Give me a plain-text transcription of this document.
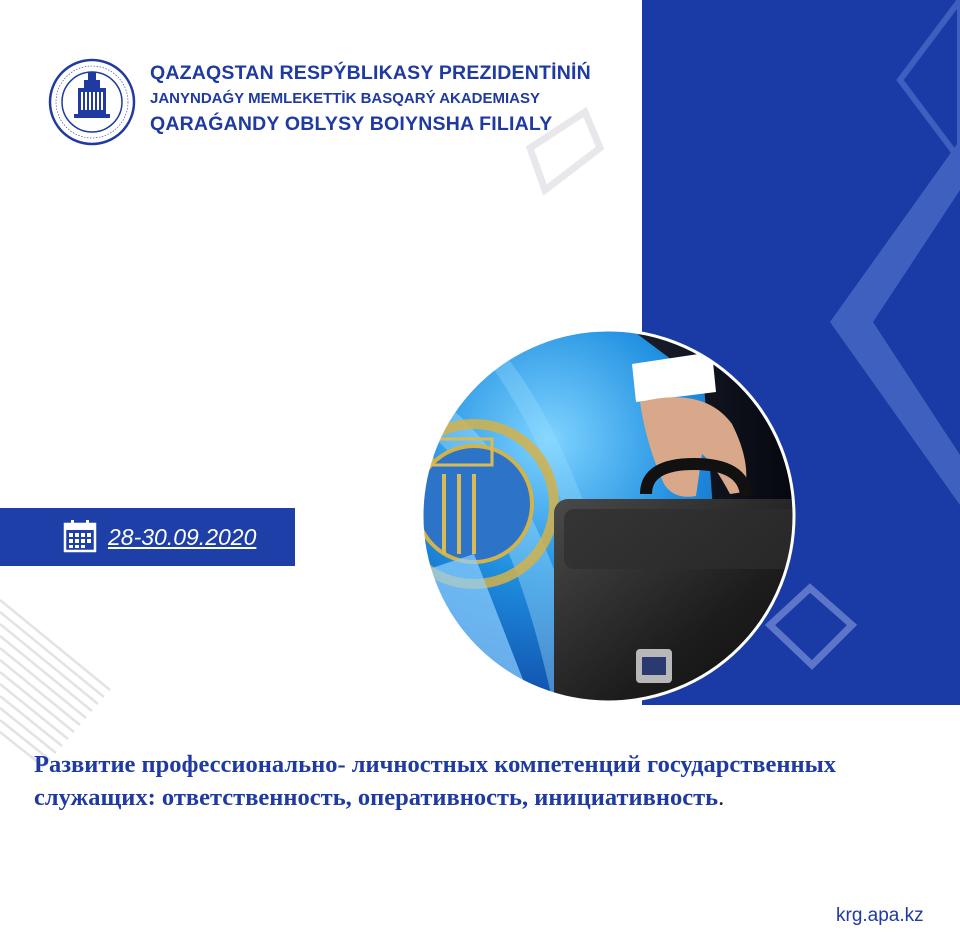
QAZAQSTAN RESPÝBLIKASY PREZIDENTİNİŃ
JANYNDAǴY MEMLEKETTİK BASQARÝ AKADEMIASY
QARAǴANDY OBLYSY BOIYNSHA FILIALY
28-30.09.2020
Развитие профессионально- личностных компетенций государственных служащих: ответственность, оперативность, инициативность.
krg.apa.kz
